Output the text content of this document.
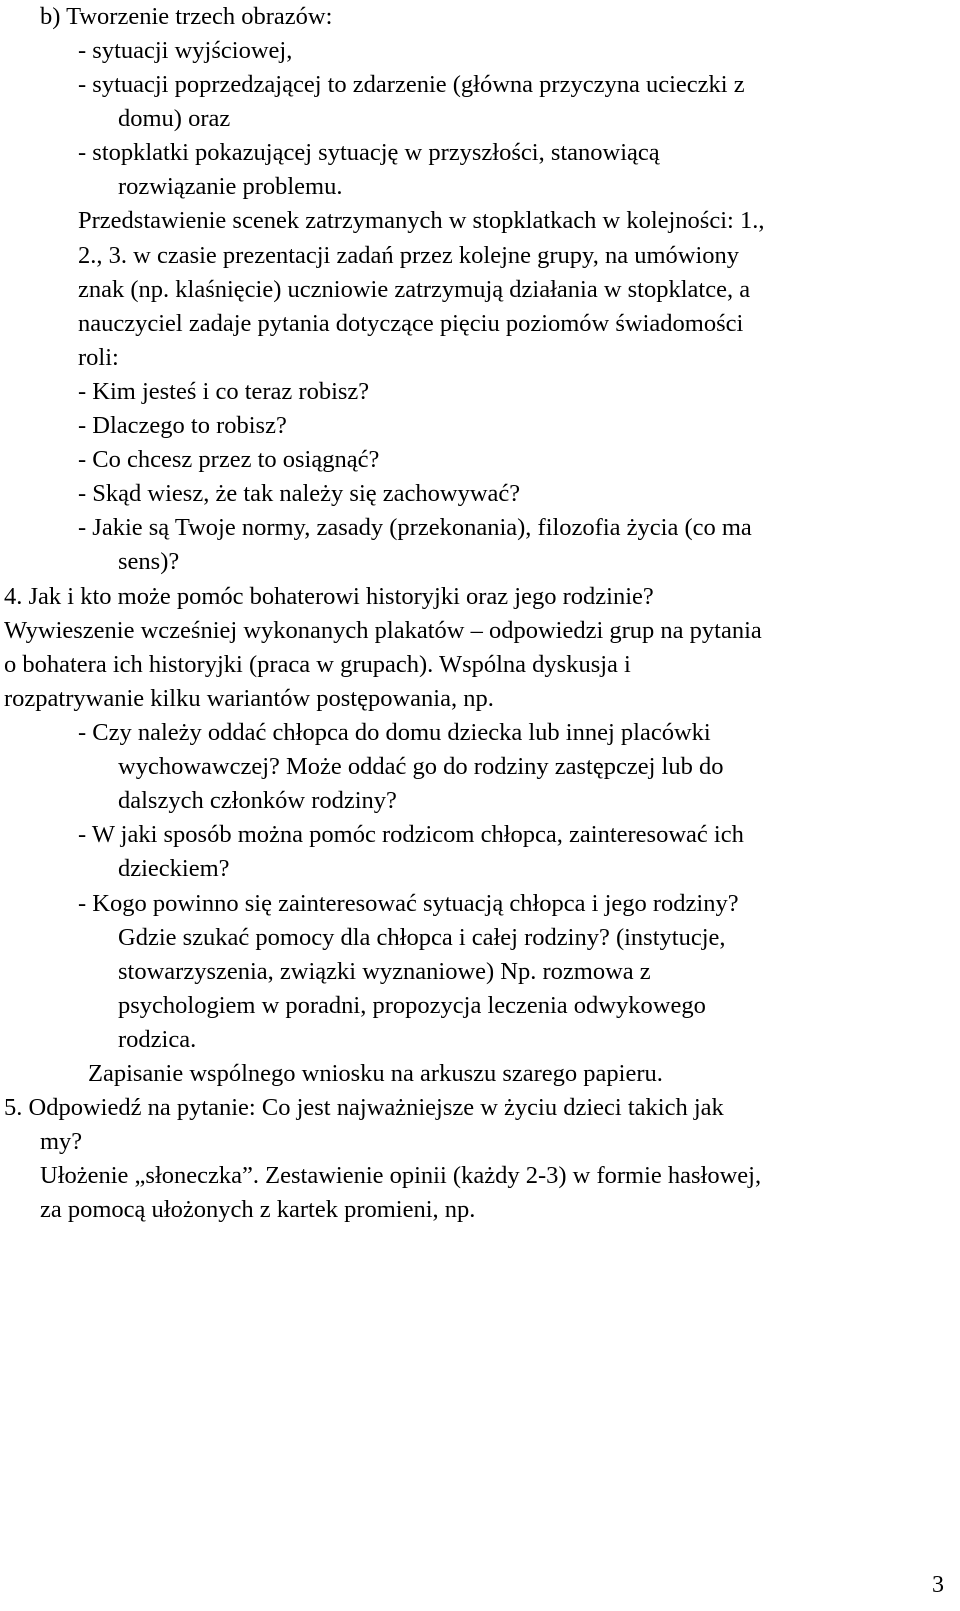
b) Tworzenie trzech obrazów:
- sytuacji wyjściowej,
- sytuacji poprzedzającej to zdarzenie (główna przyczyna ucieczki z
domu) oraz
- stopklatki pokazującej sytuację w przyszłości, stanowiącą
rozwiązanie problemu.
Przedstawienie scenek zatrzymanych w stopklatkach w kolejności: 1.,
2., 3. w czasie prezentacji zadań przez kolejne grupy, na umówiony
znak (np. klaśnięcie) uczniowie zatrzymują działania w stopklatce, a
nauczyciel zadaje pytania dotyczące pięciu poziomów świadomości
roli:
- Kim jesteś i co teraz robisz?
- Dlaczego to robisz?
- Co chcesz przez to osiągnąć?
- Skąd wiesz, że tak należy się zachowywać?
- Jakie są Twoje normy, zasady (przekonania), filozofia życia (co ma
sens)?
4. Jak i kto może pomóc bohaterowi historyjki oraz jego rodzinie?
Wywieszenie wcześniej wykonanych plakatów – odpowiedzi grup na pytania
o bohatera ich historyjki (praca w grupach). Wspólna dyskusja i
rozpatrywanie kilku wariantów postępowania, np.
- Czy należy oddać chłopca do domu dziecka lub innej placówki
wychowawczej? Może oddać go do rodziny zastępczej lub do
dalszych członków rodziny?
- W jaki sposób można pomóc rodzicom chłopca, zainteresować ich
dzieckiem?
- Kogo powinno się zainteresować sytuacją chłopca i jego rodziny?
Gdzie szukać pomocy dla chłopca i całej rodziny? (instytucje,
stowarzyszenia, związki wyznaniowe) Np. rozmowa z
psychologiem w poradni, propozycja leczenia odwykowego
rodzica.
Zapisanie wspólnego wniosku na arkuszu szarego papieru.
5. Odpowiedź na pytanie: Co jest najważniejsze w życiu dzieci takich jak
my?
Ułożenie „słoneczka”. Zestawienie opinii (każdy 2-3) w formie hasłowej,
za pomocą ułożonych z kartek promieni, np.
3
